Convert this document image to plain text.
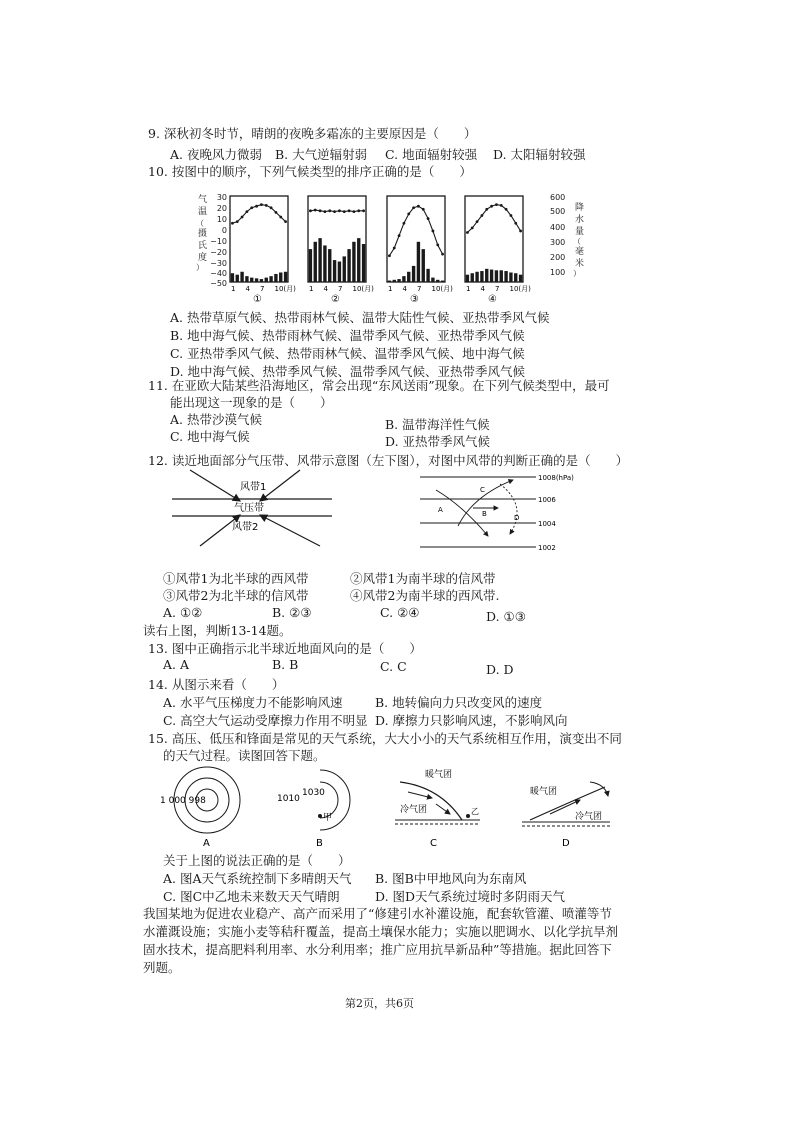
9. 深秋初冬时节，晴朗的夜晚多霜冻的主要原因是（　　）
A. 夜晚风力微弱 B. 大气逆辐射弱 C. 地面辐射较强 D. 太阳辐射较强
10. 按图中的顺序，下列气候类型的排序正确的是（　　）
气
温
（
摄
氏
度
）
30
20
10
0
−10
−20
−30
−40
−50
600
500
400
300
200
100
降
水
量
（
毫
米
）
1 4 7 10(月)
①
1 4 7 10(月)
②
1 4 7 10(月)
③
1 4 7 10(月)
④
A. 热带草原气候、热带雨林气候、温带大陆性气候、亚热带季风气候
B. 地中海气候、热带雨林气候、温带季风气候、亚热带季风气候
C. 亚热带季风气候、热带雨林气候、温带季风气候、地中海气候
D. 地中海气候、热带季风气候、温带季风气候、亚热带季风气候
11. 在亚欧大陆某些沿海地区，常会出现“东风送雨”现象。在下列气候类型中，最可
能出现这一现象的是（　　）
A. 热带沙漠气候	B. 温带海洋性气候
C. 地中海气候	D. 亚热带季风气候
12. 读近地面部分气压带、风带示意图（左下图），对图中风带的判断正确的是（　　）
风带1
气压带
风带2
1008(hPa)
1006
1004
1002
A	B
C
D
①风带1为北半球的西风带	②风带1为南半球的信风带
③风带2为北半球的信风带	④风带2为南半球的西风带.
A. ①②	B. ②③	C. ②④	D. ①③
读右上图，判断13-14题。
13. 图中正确指示北半球近地面风向的是（　　）
A. A	B. B	C. C	D. D
14. 从图示来看（　　）
A. 水平气压梯度力不能影响风速	B. 地转偏向力只改变风的速度
C. 高空大气运动受摩擦力作用不明显 D. 摩擦力只影响风速，不影响风向
15. 高压、低压和锋面是常见的天气系统，大大小小的天气系统相互作用，演变出不同
的天气过程。读图回答下题。
1 000 998
A
1010
1030
甲
B
暖气团
冷气团	乙
C
暖气团
冷气团
D
关于上图的说法正确的是（　　）
A. 图A天气系统控制下多晴朗天气 B. 图B中甲地风向为东南风
C. 图C中乙地未来数天天气晴朗	D. 图D天气系统过境时多阴雨天气
我国某地为促进农业稳产、高产而采用了“修建引水补灌设施，配套软管灌、喷灌等节
水灌溉设施；实施小麦等秸秆覆盖，提高土壤保水能力；实施以肥调水、以化学抗旱剂
固水技术，提高肥料利用率、水分利用率；推广应用抗旱新品种”等措施。据此回答下
列题。
第2页，共6页
